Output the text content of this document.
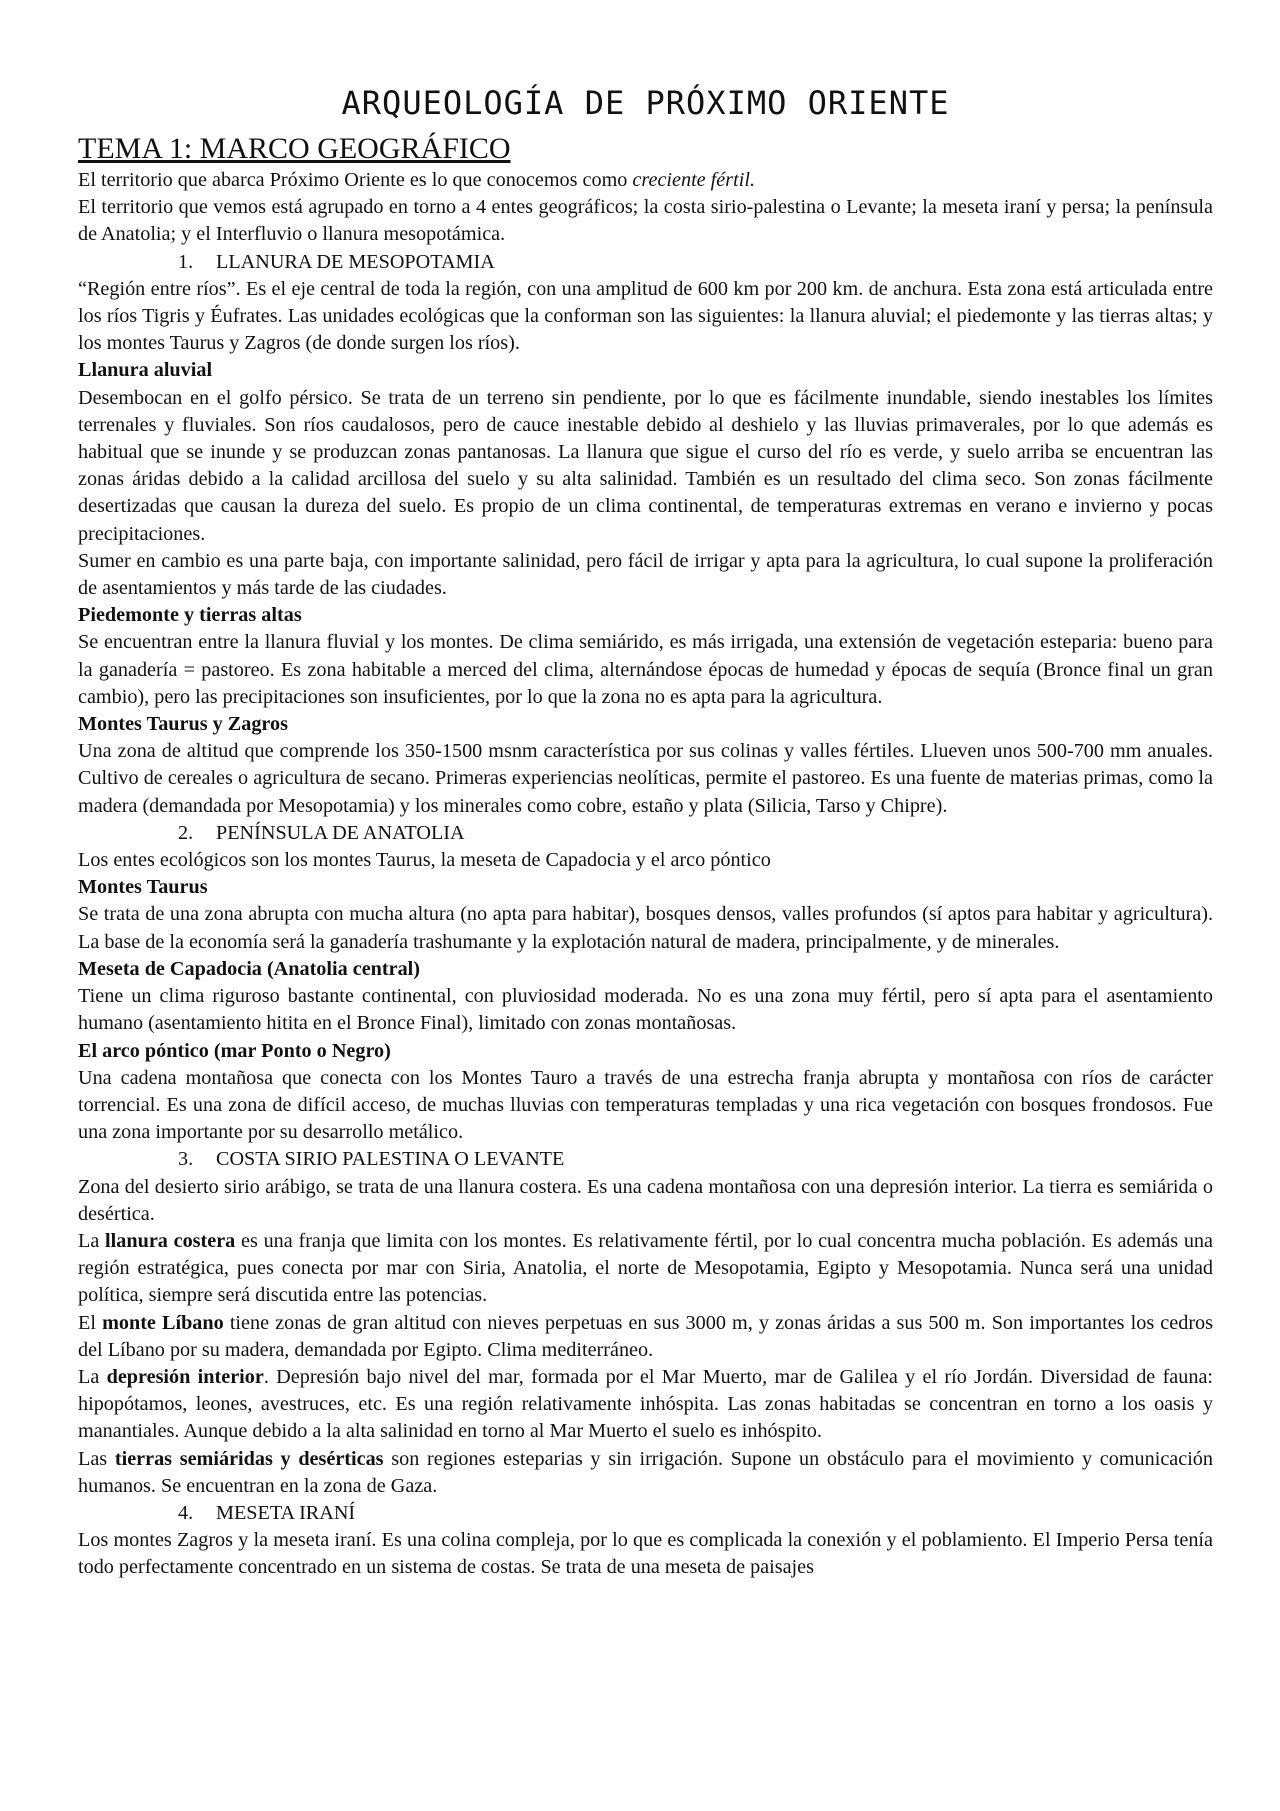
ARQUEOLOGÍA DE PRÓXIMO ORIENTE
TEMA 1: MARCO GEOGRÁFICO

El territorio que abarca Próximo Oriente es lo que conocemos como creciente fértil.

El territorio que vemos está agrupado en torno a 4 entes geográficos; la costa sirio-palestina o Levante; la meseta iraní y persa; la península de Anatolia; y el Interfluvio o llanura mesopotámica.

1. LLANURA DE MESOPOTAMIA

“Región entre ríos”. Es el eje central de toda la región, con una amplitud de 600 km por 200 km. de anchura. Esta zona está articulada entre los ríos Tigris y Éufrates. Las unidades ecológicas que la conforman son las siguientes: la llanura aluvial; el piedemonte y las tierras altas; y los montes Taurus y Zagros (de donde surgen los ríos).

Llanura aluvial

Desembocan en el golfo pérsico. Se trata de un terreno sin pendiente, por lo que es fácilmente inundable, siendo inestables los límites terrenales y fluviales. Son ríos caudalosos, pero de cauce inestable debido al deshielo y las lluvias primaverales, por lo que además es habitual que se inunde y se produzcan zonas pantanosas. La llanura que sigue el curso del río es verde, y suelo arriba se encuentran las zonas áridas debido a la calidad arcillosa del suelo y su alta salinidad. También es un resultado del clima seco. Son zonas fácilmente desertizadas que causan la dureza del suelo. Es propio de un clima continental, de temperaturas extremas en verano e invierno y pocas precipitaciones.

Sumer en cambio es una parte baja, con importante salinidad, pero fácil de irrigar y apta para la agricultura, lo cual supone la proliferación de asentamientos y más tarde de las ciudades.

Piedemonte y tierras altas

Se encuentran entre la llanura fluvial y los montes. De clima semiárido, es más irrigada, una extensión de vegetación esteparia: bueno para la ganadería = pastoreo. Es zona habitable a merced del clima, alternándose épocas de humedad y épocas de sequía (Bronce final un gran cambio), pero las precipitaciones son insuficientes, por lo que la zona no es apta para la agricultura.

Montes Taurus y Zagros

Una zona de altitud que comprende los 350-1500 msnm característica por sus colinas y valles fértiles. Llueven unos 500-700 mm anuales. Cultivo de cereales o agricultura de secano. Primeras experiencias neolíticas, permite el pastoreo. Es una fuente de materias primas, como la madera (demandada por Mesopotamia) y los minerales como cobre, estaño y plata (Silicia, Tarso y Chipre).

2. PENÍNSULA DE ANATOLIA

Los entes ecológicos son los montes Taurus, la meseta de Capadocia y el arco póntico

Montes Taurus

Se trata de una zona abrupta con mucha altura (no apta para habitar), bosques densos, valles profundos (sí aptos para habitar y agricultura). La base de la economía será la ganadería trashumante y la explotación natural de madera, principalmente, y de minerales.

Meseta de Capadocia (Anatolia central)

Tiene un clima riguroso bastante continental, con pluviosidad moderada. No es una zona muy fértil, pero sí apta para el asentamiento humano (asentamiento hitita en el Bronce Final), limitado con zonas montañosas.

El arco póntico (mar Ponto o Negro)

Una cadena montañosa que conecta con los Montes Tauro a través de una estrecha franja abrupta y montañosa con ríos de carácter torrencial. Es una zona de difícil acceso, de muchas lluvias con temperaturas templadas y una rica vegetación con bosques frondosos. Fue una zona importante por su desarrollo metálico.

3. COSTA SIRIO PALESTINA O LEVANTE

Zona del desierto sirio arábigo, se trata de una llanura costera. Es una cadena montañosa con una depresión interior. La tierra es semiárida o desértica.

La llanura costera es una franja que limita con los montes. Es relativamente fértil, por lo cual concentra mucha población. Es además una región estratégica, pues conecta por mar con Siria, Anatolia, el norte de Mesopotamia, Egipto y Mesopotamia. Nunca será una unidad política, siempre será discutida entre las potencias.

El monte Líbano tiene zonas de gran altitud con nieves perpetuas en sus 3000 m, y zonas áridas a sus 500 m. Son importantes los cedros del Líbano por su madera, demandada por Egipto. Clima mediterráneo.

La depresión interior. Depresión bajo nivel del mar, formada por el Mar Muerto, mar de Galilea y el río Jordán. Diversidad de fauna: hipopótamos, leones, avestruces, etc. Es una región relativamente inhóspita. Las zonas habitadas se concentran en torno a los oasis y manantiales. Aunque debido a la alta salinidad en torno al Mar Muerto el suelo es inhóspito.

Las tierras semiáridas y desérticas son regiones esteparias y sin irrigación. Supone un obstáculo para el movimiento y comunicación humanos. Se encuentran en la zona de Gaza.

4. MESETA IRANÍ

Los montes Zagros y la meseta iraní. Es una colina compleja, por lo que es complicada la conexión y el poblamiento. El Imperio Persa tenía todo perfectamente concentrado en un sistema de costas. Se trata de una meseta de paisajes
